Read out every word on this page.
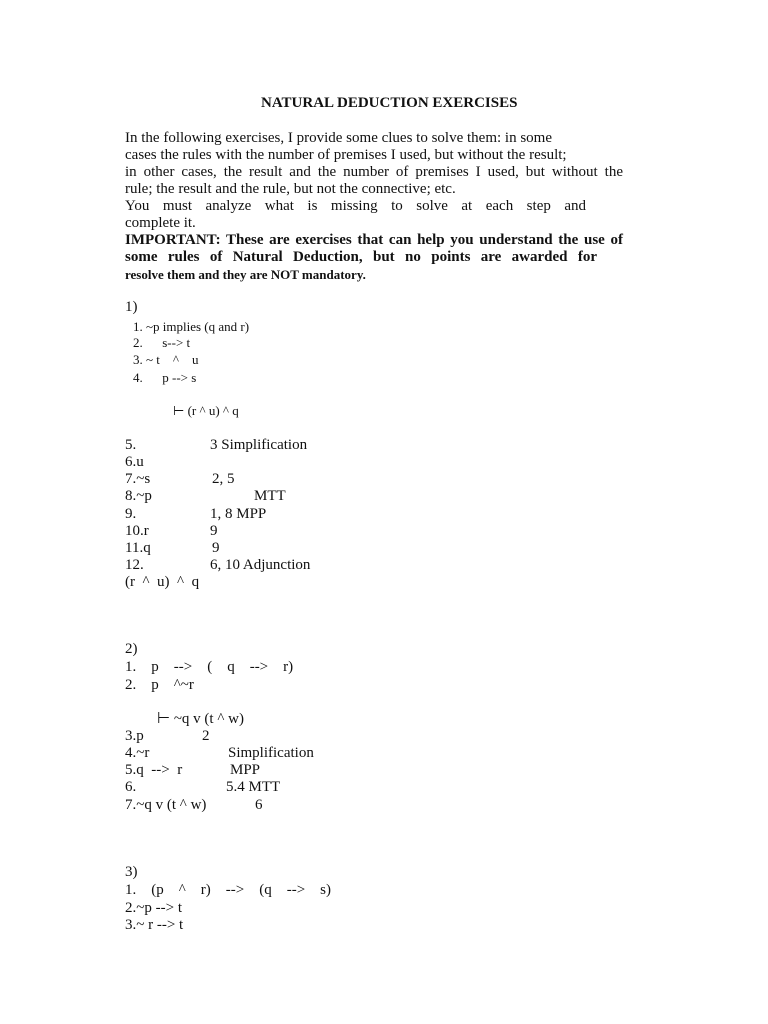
NATURAL DEDUCTION EXERCISES
In the following exercises, I provide some clues to solve them: in some
cases the rules with the number of premises I used, but without the result;
in other cases, the result and the number of premises I used, but without the
rule; the result and the rule, but not the connective; etc.
You must analyze what is missing to solve at each step and
complete it.
IMPORTANT: These are exercises that can help you understand the use of
some rules of Natural Deduction, but no points are awarded for
resolve them and they are NOT mandatory.
1)
1. ~p implies (q and r)
2.      s--> t
3. ~ t    ^    u
4.      p --> s
⊢ (r ^ u) ^ q
5.	3 Simplification
6.u
7.~s	2, 5
8.~p	MTT
9.	1, 8 MPP
10.r	9
11.q	9
12.	6, 10 Adjunction
(r  ^  u)  ^  q
2)
1.    p    -->    (    q    -->    r)
2.    p    ^~r
⊢ ~q v (t ^ w)
3.p	2
4.~r	Simplification
5.q  -->  r	MPP
6.	5.4 MTT
7.~q v (t ^ w)	6
3)
1.    (p    ^    r)    -->    (q    -->    s)
2.~p --> t
3.~ r --> t
